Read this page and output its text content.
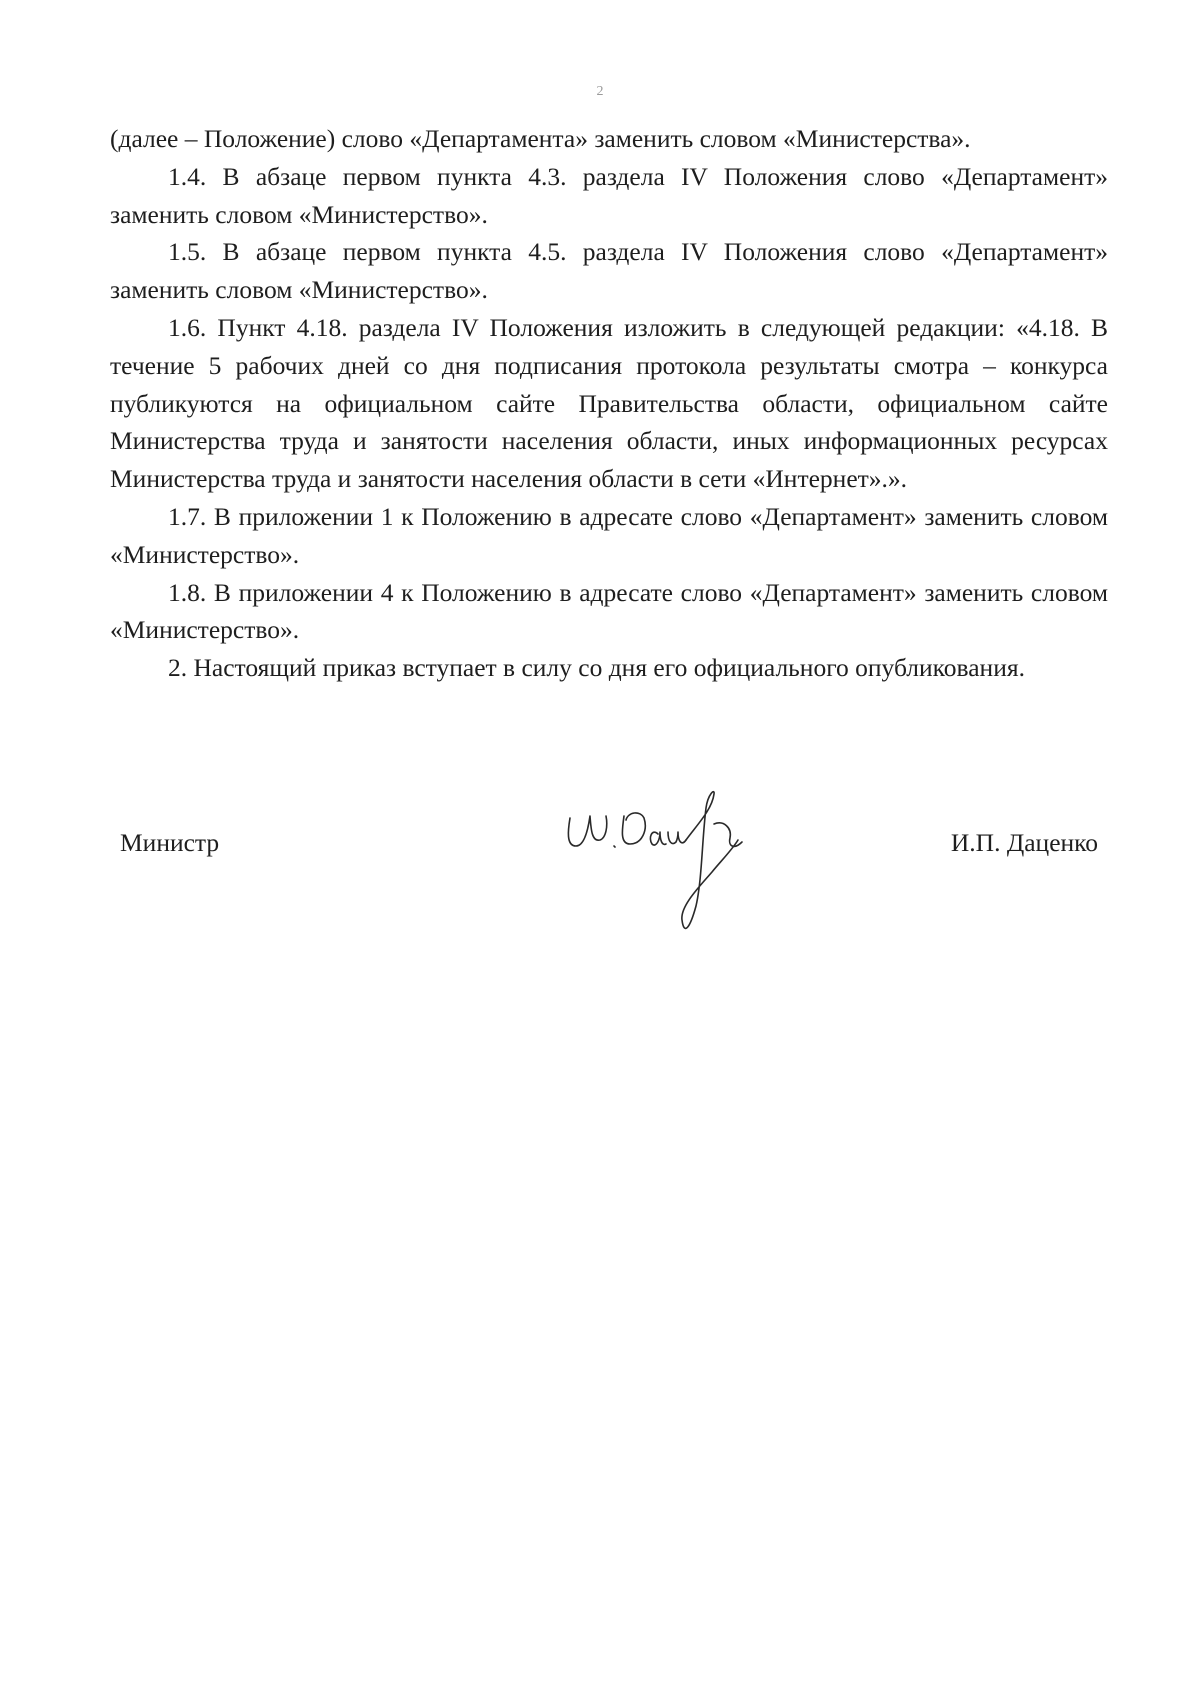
2

(далее – Положение) слово «Департамента» заменить словом «Министерства».

1.4. В абзаце первом пункта 4.3. раздела IV Положения слово «Департамент» заменить словом «Министерство».

1.5. В абзаце первом пункта 4.5. раздела IV Положения слово «Департамент» заменить словом «Министерство».

1.6. Пункт 4.18. раздела IV Положения изложить в следующей редакции: «4.18. В течение 5 рабочих дней со дня подписания протокола результаты смотра – конкурса публикуются на официальном сайте Правительства области, официальном сайте Министерства труда и занятости населения области, иных информационных ресурсах Министерства труда и занятости населения области в сети «Интернет».».

1.7. В приложении 1 к Положению в адресате слово «Департамент» заменить словом «Министерство».

1.8. В приложении 4 к Положению в адресате слово «Департамент» заменить словом «Министерство».

2. Настоящий приказ вступает в силу со дня его официального опубликования.

Министр	И.П. Даценко
